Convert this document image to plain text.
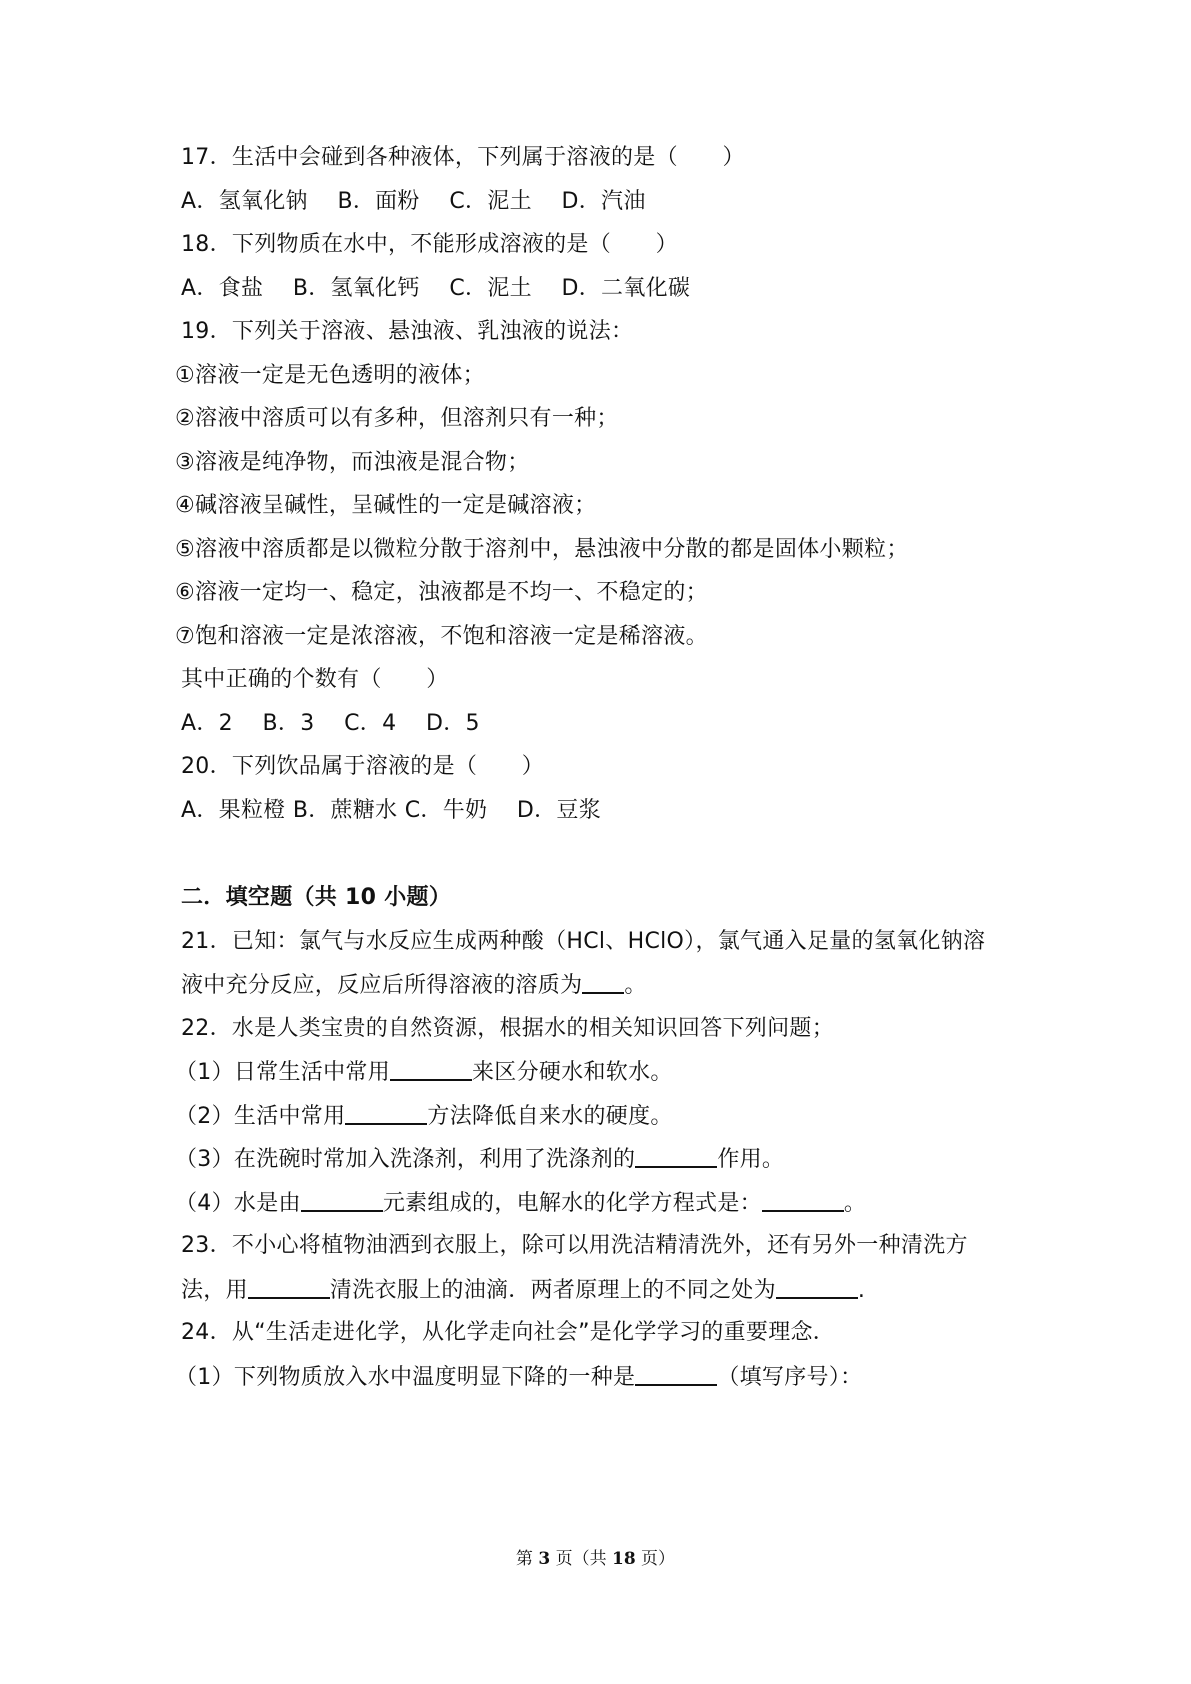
17．生活中会碰到各种液体，下列属于溶液的是（　　）
A．氢氧化钠　 B．面粉　 C．泥土　 D．汽油
18．下列物质在水中，不能形成溶液的是（　　）
A．食盐　 B．氢氧化钙　 C．泥土　 D．二氧化碳
19．下列关于溶液、悬浊液、乳浊液的说法：
①溶液一定是无色透明的液体；
②溶液中溶质可以有多种，但溶剂只有一种；
③溶液是纯净物，而浊液是混合物；
④碱溶液呈碱性，呈碱性的一定是碱溶液；
⑤溶液中溶质都是以微粒分散于溶剂中，悬浊液中分散的都是固体小颗粒；
⑥溶液一定均一、稳定，浊液都是不均一、不稳定的；
⑦饱和溶液一定是浓溶液，不饱和溶液一定是稀溶液。
其中正确的个数有（　　）
A．2　 B．3　 C．4　 D．5
20．下列饮品属于溶液的是（　　）
A．果粒橙 B．蔗糖水 C．牛奶　 D．豆浆
二．填空题（共 10 小题）
21．已知：氯气与水反应生成两种酸（HCl、HClO），氯气通入足量的氢氧化钠溶
液中充分反应，反应后所得溶液的溶质为 。
22．水是人类宝贵的自然资源，根据水的相关知识回答下列问题；
（1）日常生活中常用	来区分硬水和软水。
（2）生活中常用	方法降低自来水的硬度。
（3）在洗碗时常加入洗涤剂，利用了洗涤剂的	作用。
（4）水是由	元素组成的，电解水的化学方程式是：	。
23．不小心将植物油洒到衣服上，除可以用洗洁精清洗外，还有另外一种清洗方
法，用	清洗衣服上的油滴．两者原理上的不同之处为	.
24．从“生活走进化学，从化学走向社会”是化学学习的重要理念．
（1）下列物质放入水中温度明显下降的一种是	（填写序号）：
第 3 页（共 18 页）
